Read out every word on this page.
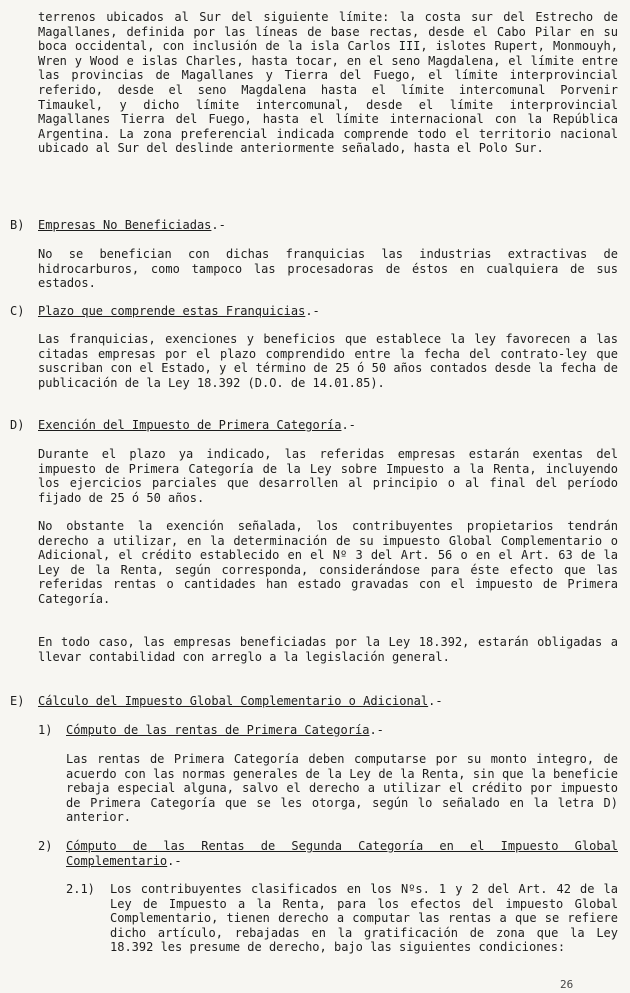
terrenos ubicados al Sur del siguiente límite: la costa sur del Estrecho de Magallanes, definida por las líneas de base rectas, desde el Cabo Pilar en su boca occidental, con inclusión de la isla Carlos III, islotes Rupert, Monmouyh, Wren y Wood e islas Charles, hasta tocar, en el seno Magdalena, el límite entre las provincias de Magallanes y Tierra del Fuego, el límite interprovincial referido, desde el seno Magdalena hasta el límite intercomunal Porvenir Timaukel, y dicho límite intercomunal, desde el límite interprovincial Magallanes Tierra del Fuego, hasta el límite internacional con la República Argentina. La zona preferencial indicada comprende todo el territorio nacional ubicado al Sur del deslinde anteriormente señalado, hasta el Polo Sur.

B) Empresas No Beneficiadas.-

No se benefician con dichas franquicias las industrias extractivas de hidrocarburos, como tampoco las procesadoras de éstos en cualquiera de sus estados.

C) Plazo que comprende estas Franquicias.-

Las franquicias, exenciones y beneficios que establece la ley favorecen a las citadas empresas por el plazo comprendido entre la fecha del contrato-ley que suscriban con el Estado, y el término de 25 ó 50 años contados desde la fecha de publicación de la Ley 18.392 (D.O. de 14.01.85).

D) Exención del Impuesto de Primera Categoría.-

Durante el plazo ya indicado, las referidas empresas estarán exentas del impuesto de Primera Categoría de la Ley sobre Impuesto a la Renta, incluyendo los ejercicios parciales que desarrollen al principio o al final del período fijado de 25 ó 50 años.

No obstante la exención señalada, los contribuyentes propietarios tendrán derecho a utilizar, en la determinación de su impuesto Global Complementario o Adicional, el crédito establecido en el Nº 3 del Art. 56 o en el Art. 63 de la Ley de la Renta, según corresponda, considerándose para éste efecto que las referidas rentas o cantidades han estado gravadas con el impuesto de Primera Categoría.

En todo caso, las empresas beneficiadas por la Ley 18.392, estarán obligadas a llevar contabilidad con arreglo a la legislación general.

E) Cálculo del Impuesto Global Complementario o Adicional.-
1) Cómputo de las rentas de Primera Categoría.-

Las rentas de Primera Categoría deben computarse por su monto integro, de acuerdo con las normas generales de la Ley de la Renta, sin que la beneficie rebaja especial alguna, salvo el derecho a utilizar el crédito por impuesto de Primera Categoría que se les otorga, según lo señalado en la letra D) anterior.

2) Cómputo de las Rentas de Segunda Categoría en el Impuesto Global Complementario.-
2.1) Los contribuyentes clasificados en los Nºs. 1 y 2 del Art. 42 de la Ley de Impuesto a la Renta, para los efectos del impuesto Global Complementario, tienen derecho a computar las rentas a que se refiere dicho artículo, rebajadas en la gratificación de zona que la Ley 18.392 les presume de derecho, bajo las siguientes condiciones:
26
